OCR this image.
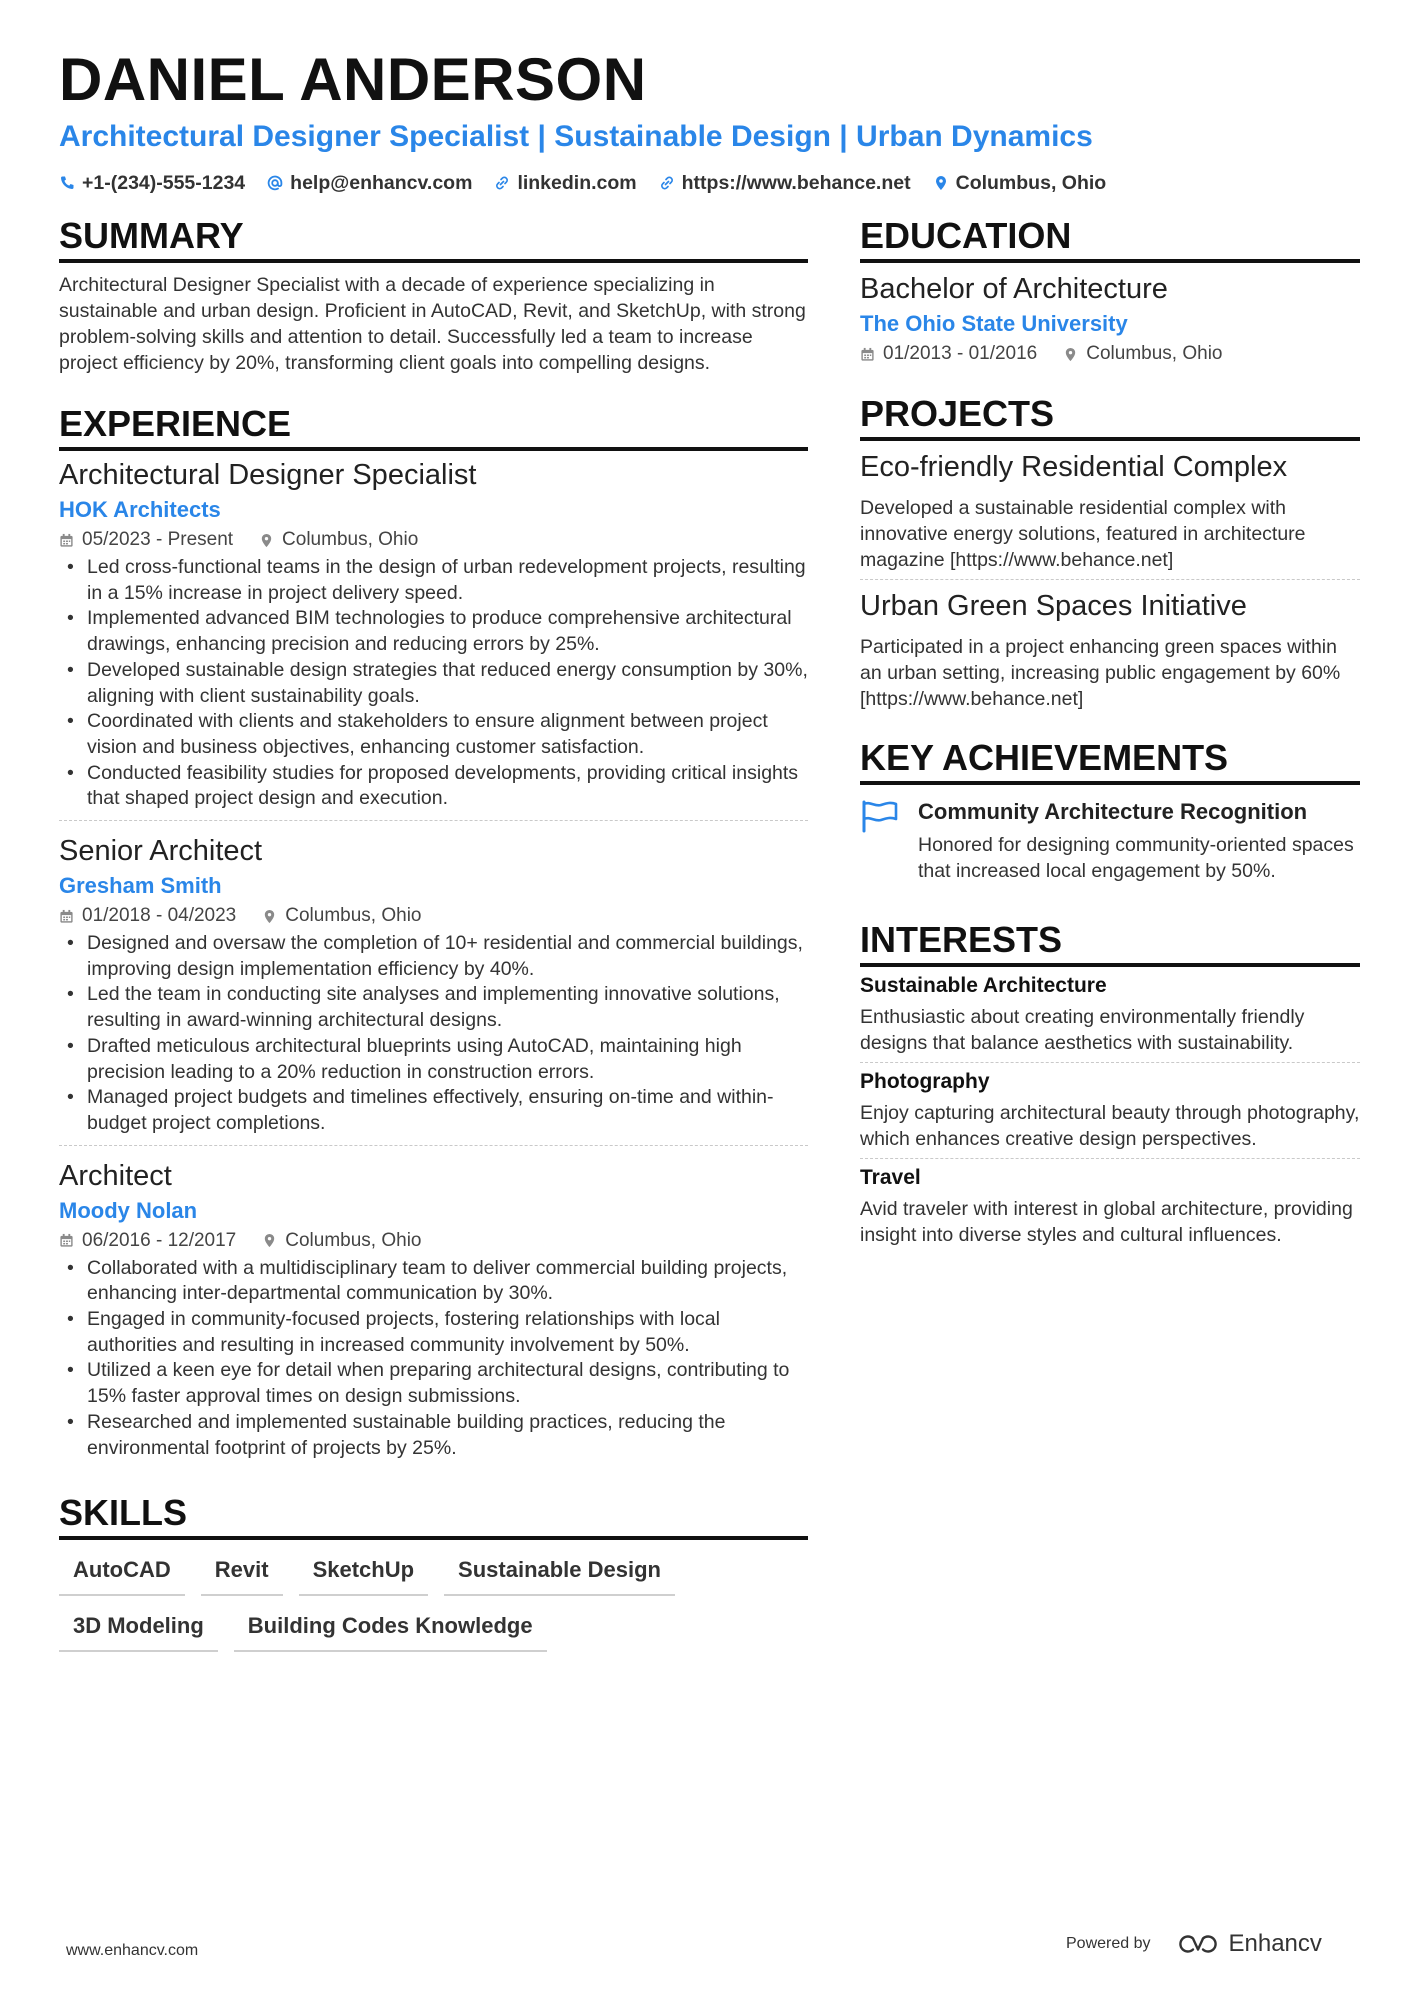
DANIEL ANDERSON
Architectural Designer Specialist | Sustainable Design | Urban Dynamics
+1-(234)-555-1234 help@enhancv.com linkedin.com https://www.behance.net Columbus, Ohio
SUMMARY
Architectural Designer Specialist with a decade of experience specializing in sustainable and urban design. Proficient in AutoCAD, Revit, and SketchUp, with strong problem-solving skills and attention to detail. Successfully led a team to increase project efficiency by 20%, transforming client goals into compelling designs.
EXPERIENCE
Architectural Designer Specialist
HOK Architects
05/2023 - Present	Columbus, Ohio
• Led cross-functional teams in the design of urban redevelopment projects, resulting in a 15% increase in project delivery speed.
• Implemented advanced BIM technologies to produce comprehensive architectural drawings, enhancing precision and reducing errors by 25%.
• Developed sustainable design strategies that reduced energy consumption by 30%, aligning with client sustainability goals.
• Coordinated with clients and stakeholders to ensure alignment between project vision and business objectives, enhancing customer satisfaction.
• Conducted feasibility studies for proposed developments, providing critical insights that shaped project design and execution.
Senior Architect
Gresham Smith
01/2018 - 04/2023	Columbus, Ohio
• Designed and oversaw the completion of 10+ residential and commercial buildings, improving design implementation efficiency by 40%.
• Led the team in conducting site analyses and implementing innovative solutions, resulting in award-winning architectural designs.
• Drafted meticulous architectural blueprints using AutoCAD, maintaining high precision leading to a 20% reduction in construction errors.
• Managed project budgets and timelines effectively, ensuring on-time and within-budget project completions.
Architect
Moody Nolan
06/2016 - 12/2017	Columbus, Ohio
• Collaborated with a multidisciplinary team to deliver commercial building projects, enhancing inter-departmental communication by 30%.
• Engaged in community-focused projects, fostering relationships with local authorities and resulting in increased community involvement by 50%.
• Utilized a keen eye for detail when preparing architectural designs, contributing to 15% faster approval times on design submissions.
• Researched and implemented sustainable building practices, reducing the environmental footprint of projects by 25%.
SKILLS
AutoCAD	Revit	SketchUp	Sustainable Design
3D Modeling	Building Codes Knowledge
EDUCATION
Bachelor of Architecture
The Ohio State University
01/2013 - 01/2016	Columbus, Ohio
PROJECTS
Eco-friendly Residential Complex
Developed a sustainable residential complex with innovative energy solutions, featured in architecture magazine [https://www.behance.net]
Urban Green Spaces Initiative
Participated in a project enhancing green spaces within an urban setting, increasing public engagement by 60% [https://www.behance.net]
KEY ACHIEVEMENTS
Community Architecture Recognition
Honored for designing community-oriented spaces that increased local engagement by 50%.
INTERESTS
Sustainable Architecture
Enthusiastic about creating environmentally friendly designs that balance aesthetics with sustainability.
Photography
Enjoy capturing architectural beauty through photography, which enhances creative design perspectives.
Travel
Avid traveler with interest in global architecture, providing insight into diverse styles and cultural influences.
www.enhancv.com	Powered by	Enhancv
